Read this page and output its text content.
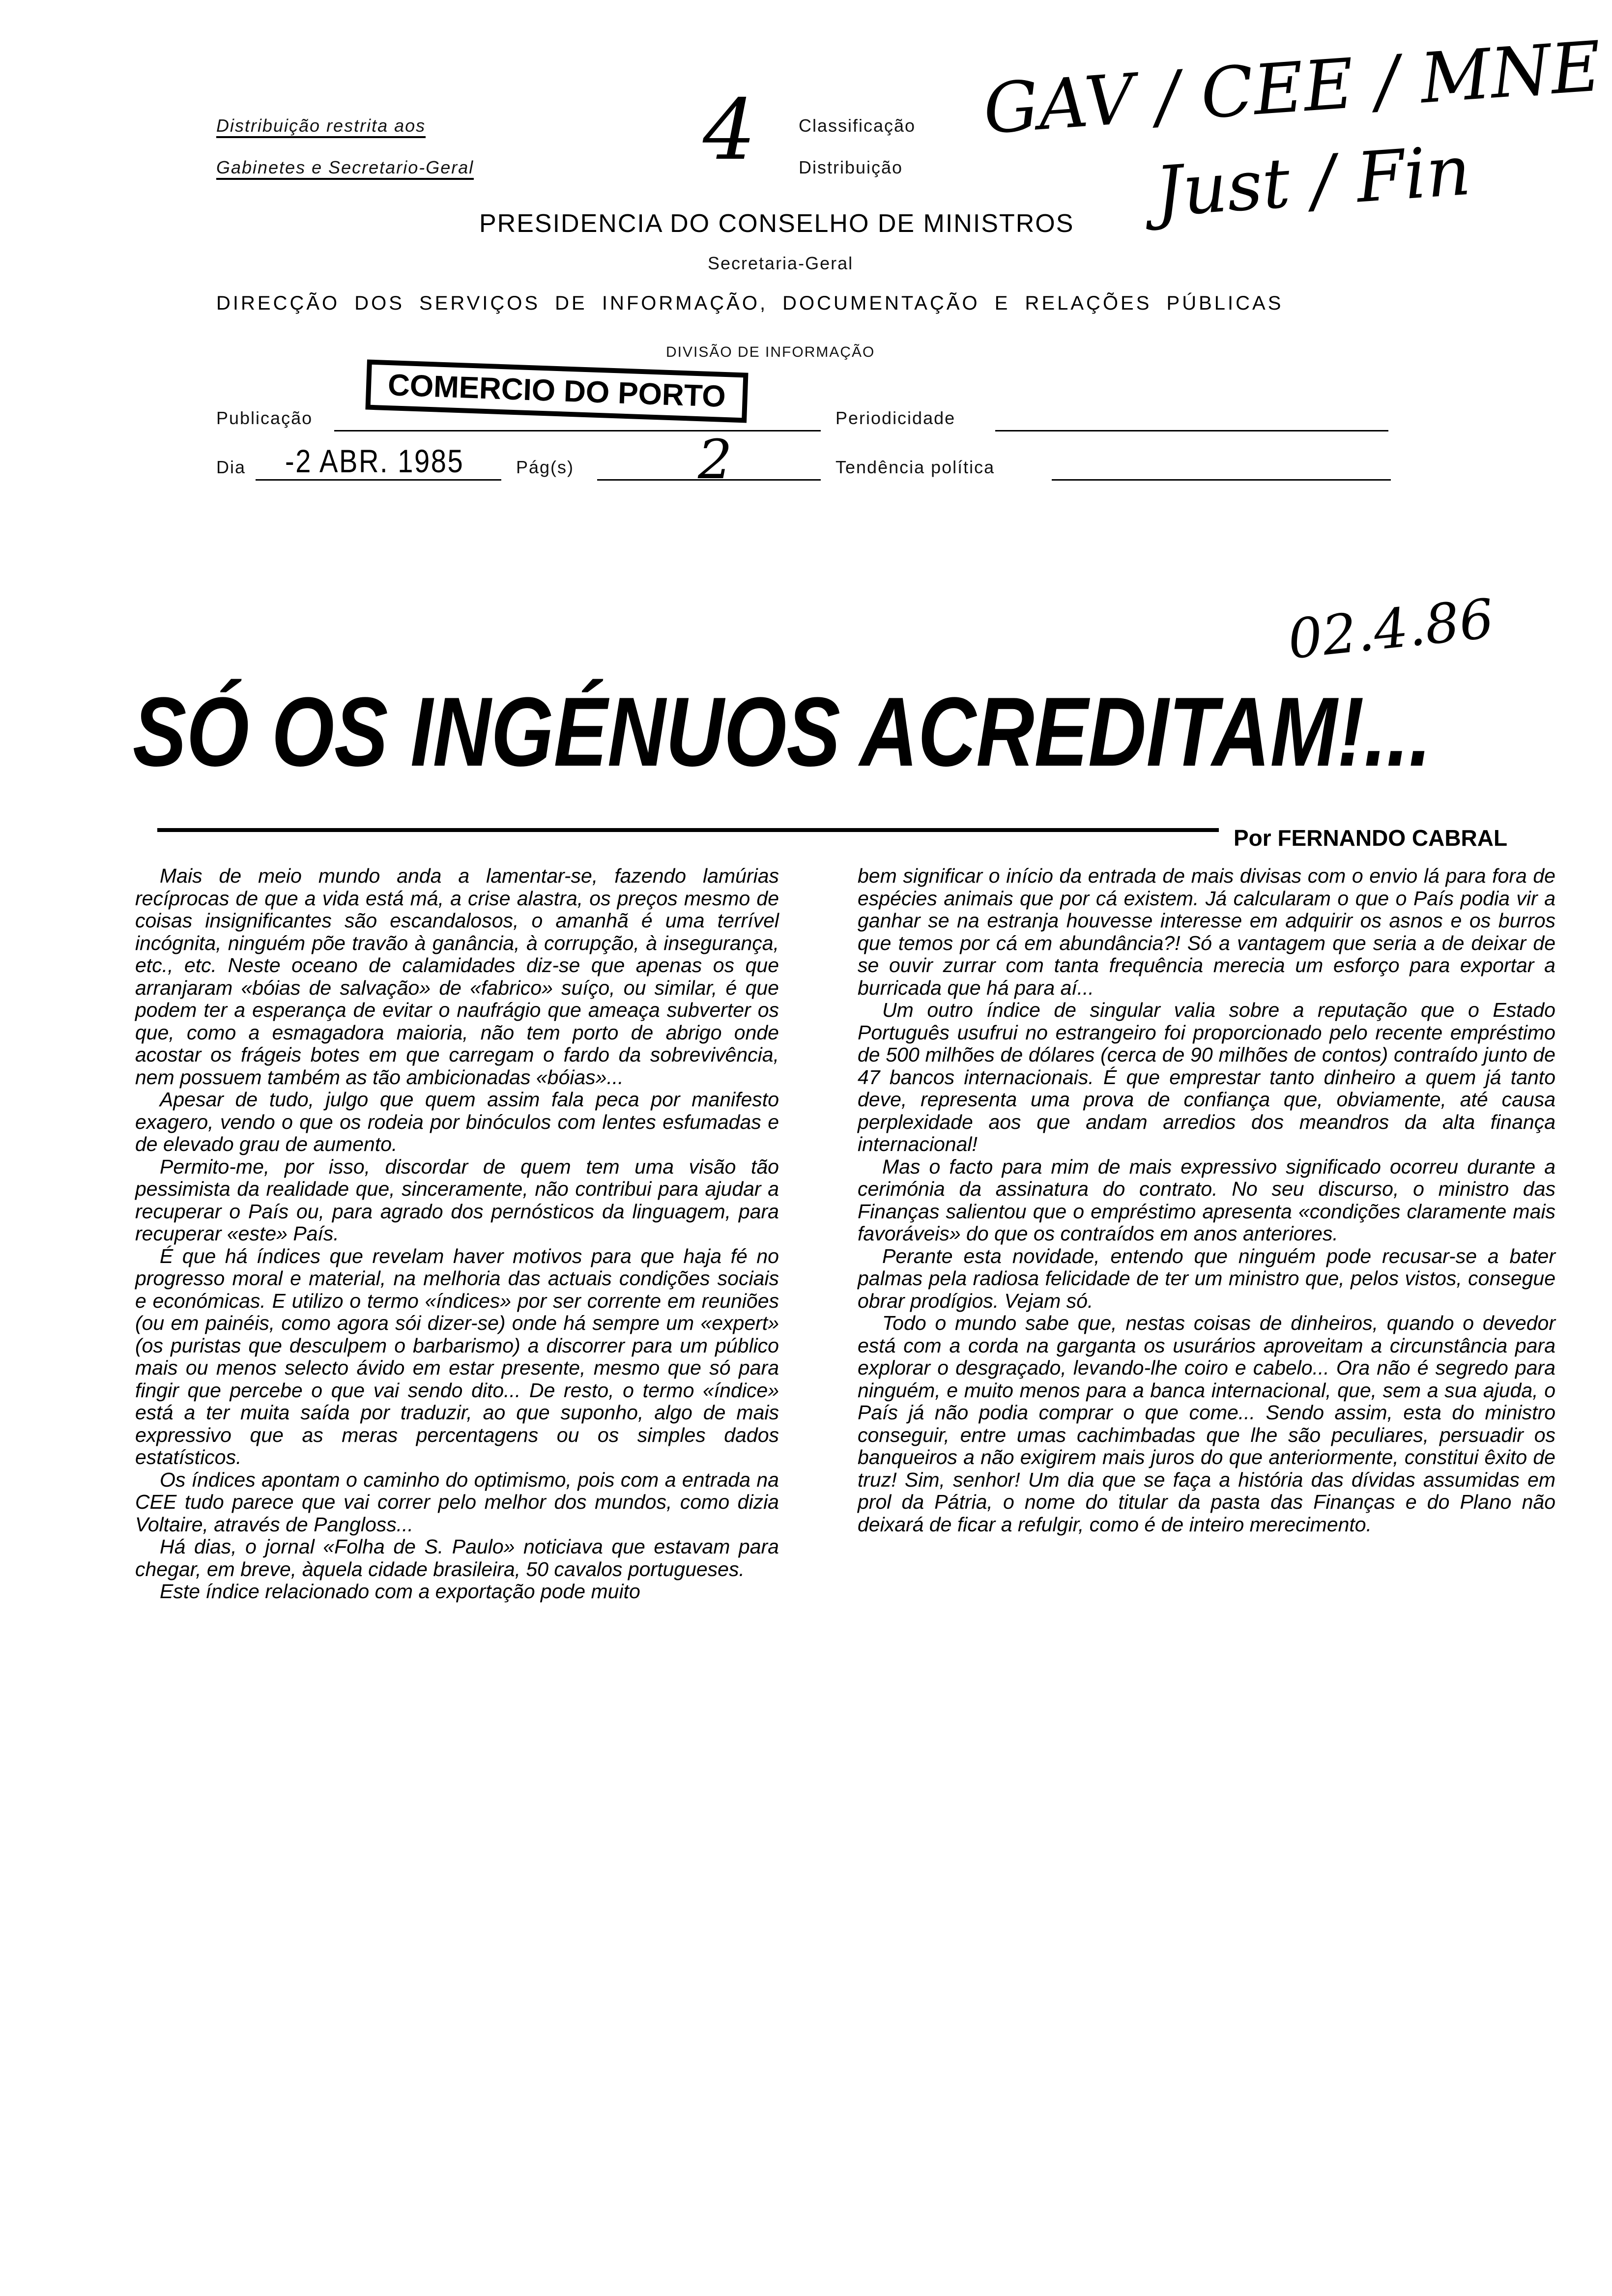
Distribuição restrita aos
Gabinetes e Secretario-Geral	4 Classificação
Distribuição
GAV / CEE / MNE
Just / Fin
PRESIDENCIA DO CONSELHO DE MINISTROS
Secretaria-Geral
DIRECÇÃO DOS SERVIÇOS DE INFORMAÇÃO, DOCUMENTAÇÃO E RELAÇÕES PÚBLICAS
DIVISÃO DE INFORMAÇÃO
Publicação
COMERCIO DO PORTO
Periodicidade
Dia -2 ABR. 1985	Pág(s) 2	Tendência política
02.4.86
SÓ OS INGÉNUOS ACREDITAM!...
Por FERNANDO CABRAL

Mais de meio mundo anda a lamentar-se, fazendo lamúrias recíprocas de que a vida está má, a crise alastra, os preços mesmo de coisas insignificantes são escandalosos, o amanhã é uma terrível incógnita, ninguém põe travão à ganância, à corrupção, à insegurança, etc., etc. Neste oceano de calamidades diz-se que apenas os que arranjaram «bóias de salvação» de «fabrico» suíço, ou similar, é que podem ter a esperança de evitar o naufrágio que ameaça subverter os que, como a esmagadora maioria, não tem porto de abrigo onde acostar os frágeis botes em que carregam o fardo da sobrevivência, nem possuem também as tão ambicionadas «bóias»...

Apesar de tudo, julgo que quem assim fala peca por manifesto exagero, vendo o que os rodeia por binóculos com lentes esfumadas e de elevado grau de aumento.

Permito-me, por isso, discordar de quem tem uma visão tão pessimista da realidade que, sinceramente, não contribui para ajudar a recuperar o País ou, para agrado dos pernósticos da linguagem, para recuperar «este» País.

É que há índices que revelam haver motivos para que haja fé no progresso moral e material, na melhoria das actuais condições sociais e económicas. E utilizo o termo «índices» por ser corrente em reuniões (ou em painéis, como agora sói dizer-se) onde há sempre um «expert» (os puristas que desculpem o barbarismo) a discorrer para um público mais ou menos selecto ávido em estar presente, mesmo que só para fingir que percebe o que vai sendo dito... De resto, o termo «índice» está a ter muita saída por traduzir, ao que suponho, algo de mais expressivo que as meras percentagens ou os simples dados estatísticos.

Os índices apontam o caminho do optimismo, pois com a entrada na CEE tudo parece que vai correr pelo melhor dos mundos, como dizia Voltaire, através de Pangloss...

Há dias, o jornal «Folha de S. Paulo» noticiava que estavam para chegar, em breve, àquela cidade brasileira, 50 cavalos portugueses.

Este índice relacionado com a exportação pode muito

bem significar o início da entrada de mais divisas com o envio lá para fora de espécies animais que por cá existem. Já calcularam o que o País podia vir a ganhar se na estranja houvesse interesse em adquirir os asnos e os burros que temos por cá em abundância?! Só a vantagem que seria a de deixar de se ouvir zurrar com tanta frequência merecia um esforço para exportar a burricada que há para aí...

Um outro índice de singular valia sobre a reputação que o Estado Português usufrui no estrangeiro foi proporcionado pelo recente empréstimo de 500 milhões de dólares (cerca de 90 milhões de contos) contraído junto de 47 bancos internacionais. É que emprestar tanto dinheiro a quem já tanto deve, representa uma prova de confiança que, obviamente, até causa perplexidade aos que andam arredios dos meandros da alta finança internacional!

Mas o facto para mim de mais expressivo significado ocorreu durante a cerimónia da assinatura do contrato. No seu discurso, o ministro das Finanças salientou que o empréstimo apresenta «condições claramente mais favoráveis» do que os contraídos em anos anteriores.

Perante esta novidade, entendo que ninguém pode recusar-se a bater palmas pela radiosa felicidade de ter um ministro que, pelos vistos, consegue obrar prodígios. Vejam só.

Todo o mundo sabe que, nestas coisas de dinheiros, quando o devedor está com a corda na garganta os usurários aproveitam a circunstância para explorar o desgraçado, levando-lhe coiro e cabelo... Ora não é segredo para ninguém, e muito menos para a banca internacional, que, sem a sua ajuda, o País já não podia comprar o que come... Sendo assim, esta do ministro conseguir, entre umas cachimbadas que lhe são peculiares, persuadir os banqueiros a não exigirem mais juros do que anteriormente, constitui êxito de truz! Sim, senhor! Um dia que se faça a história das dívidas assumidas em prol da Pátria, o nome do titular da pasta das Finanças e do Plano não deixará de ficar a refulgir, como é de inteiro merecimento.
